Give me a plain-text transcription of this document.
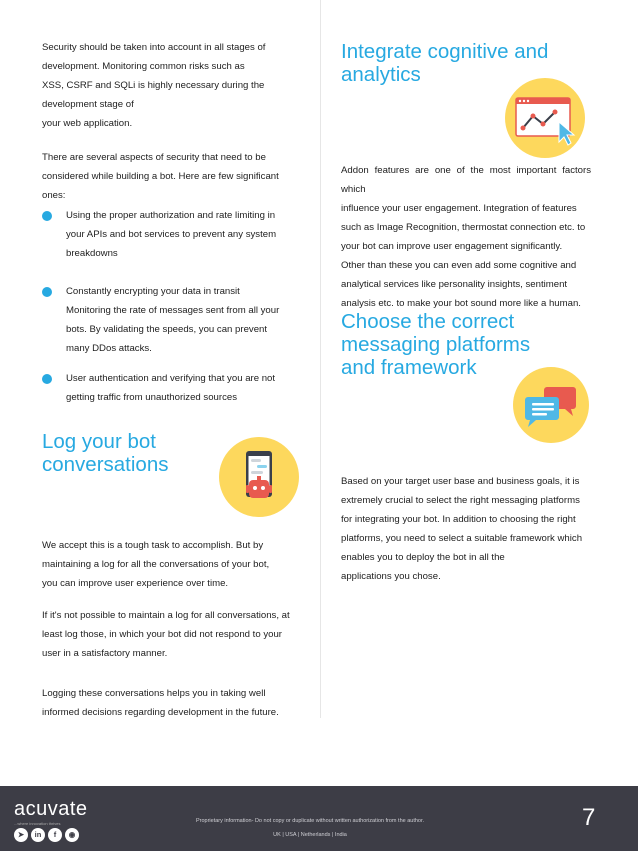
Security should be taken into account in all stages of
development. Monitoring common risks such as
XSS, CSRF and SQLi is highly necessary during the
development stage of
your web application.

There are several aspects of security that need to be
considered while building a bot. Here are few significant
ones:

Using the proper authorization and rate limiting in
your APIs and bot services to prevent any system
breakdowns

Constantly encrypting your data in transit
Monitoring the rate of messages sent from all your
bots. By validating the speeds, you can prevent
many DDos attacks.

User authentication and verifying that you are not
getting traffic from unauthorized sources

Log your bot
conversations

We accept this is a tough task to accomplish. But by
maintaining a log for all the conversations of your bot,
you can improve user experience over time.

If it's not possible to maintain a log for all conversations, at
least log those, in which your bot did not respond to your
user in a satisfactory manner.

Logging these conversations helps you in taking well
informed decisions regarding development in the future.

Integrate cognitive and
analytics

Addon features are one of the most important factors which
influence your user engagement. Integration of features
such as Image Recognition, thermostat connection etc. to
your bot can improve user engagement significantly.
Other than these you can even add some cognitive and
analytical services like personality insights, sentiment
analysis etc. to make your bot sound more like a human.

Choose the correct
messaging platforms
and framework

Based on your target user base and business goals, it is
extremely crucial to select the right messaging platforms
for integrating your bot. In addition to choosing the right
platforms, you need to select a suitable framework which
enables you to deploy the bot in all the
applications you chose.

acuvate
...where innovation thrives
➤	in	f	◉
Proprietary information- Do not copy or duplicate without written authorization from the author.
UK | USA | Netherlands | India
7
